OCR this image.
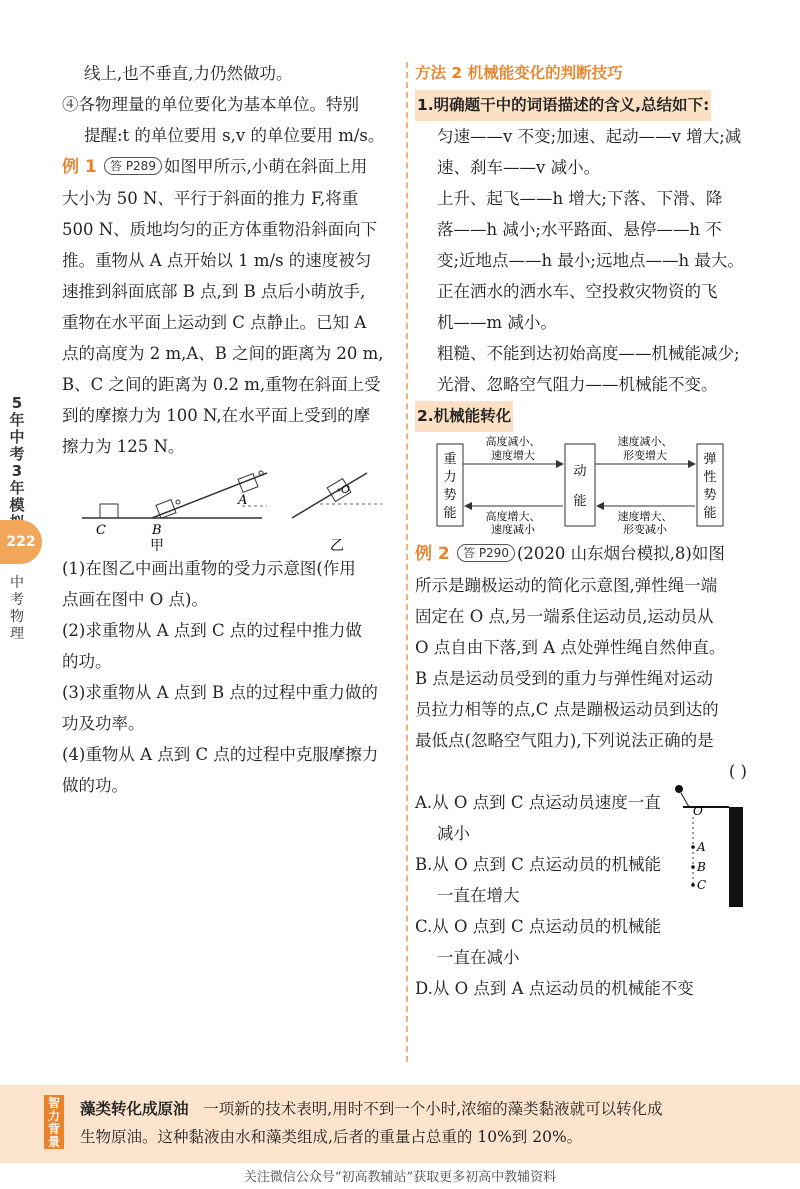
5年中考3年模
中考物理
222

线上,也不垂直,力仍然做功。

④各物理量的单位要化为基本单位。特别

提醒:t 的单位要用 s,v 的单位要用 m/s。

例 1 答 P289 如图甲所示,小萌在斜面上用

大小为 50 N、平行于斜面的推力 F,将重

500 N、质地均匀的正方体重物沿斜面向下

推。重物从 A 点开始以 1 m/s 的速度被匀

速推到斜面底部 B 点,到 B 点后小萌放手,

重物在水平面上运动到 C 点静止。已知 A

点的高度为 2 m,A、B 之间的距离为 20 m,

B、C 之间的距离为 0.2 m,重物在斜面上受

到的摩擦力为 100 N,在水平面上受到的摩

擦力为 125 N。

C	B
A
甲
O
乙

(1)在图乙中画出重物的受力示意图(作用

点画在图中 O 点)。

(2)求重物从 A 点到 C 点的过程中推力做

的功。

(3)求重物从 A 点到 B 点的过程中重力做的

功及功率。

(4)重物从 A 点到 C 点的过程中克服摩擦力

做的功。

方法 2 机械能变化的判断技巧

1.明确题干中的词语描述的含义,总结如下:

匀速——v 不变;加速、起动——v 增大;减

速、刹车——v 减小。

上升、起飞——h 增大;下落、下滑、降

落——h 减小;水平路面、悬停——h 不

变;近地点——h 最小;远地点——h 最大。

正在洒水的洒水车、空投救灾物资的飞

机——m 减小。

粗糙、不能到达初始高度——机械能减少;

光滑、忽略空气阻力——机械能不变。

2.机械能转化

高度减小、
速度增大
速度减小、
形变增大
高度增大、
速度减小
速度增大、
形变减小
重力势能
动能
弹性势能

例 2 答 P290 (2020 山东烟台模拟,8)如图

所示是蹦极运动的简化示意图,弹性绳一端

固定在 O 点,另一端系住运动员,运动员从

O 点自由下落,到 A 点处弹性绳自然伸直。

B 点是运动员受到的重力与弹性绳对运动

员拉力相等的点,C 点是蹦极运动员到达的

最低点(忽略空气阻力),下列说法正确的是

( )

A.从 O 点到 C 点运动员速度一直

减小

B.从 O 点到 C 点运动员的机械能

一直在增大

C.从 O 点到 C 点运动员的机械能

一直在减小

D.从 O 点到 A 点运动员的机械能不变

O
A
B
C
智力背景
藻类转化成原油 一项新的技术表明,用时不到一个小时,浓缩的藻类黏液就可以转化成
生物原油。这种黏液由水和藻类组成,后者的重量占总重的 10%到 20%。
关注微信公众号“初高教辅站”获取更多初高中教辅资料
